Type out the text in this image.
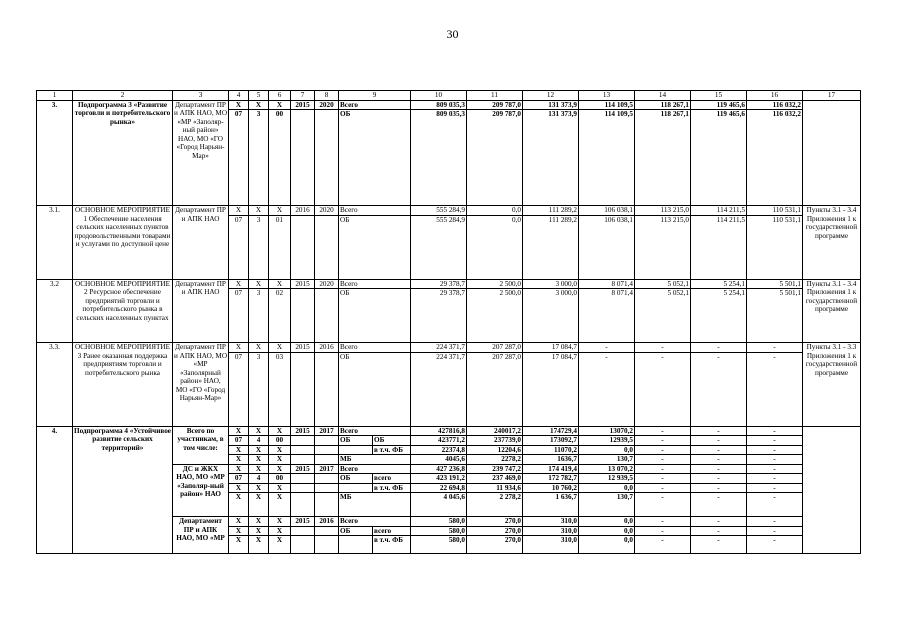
30
1	2	3	4	5	6	7	8	9		10	11	12	13	14	15	16	17
3.	Подпрограмма 3 «Развитие торговли и потребительского рынка»	Департамент ПР и АПК НАО, МО «МР «Заполяр-ный район» НАО, МО «ГО «Город Нарьян-Мар»	Х	Х	Х	2015	2020	Всего		809 035,3	209 787,0	131 373,9	114 109,5	118 267,1	119 465,6	116 032,2	
			07	3	00			ОБ		809 035,3	209 787,0	131 373,9	114 109,5	118 267,1	119 465,6	116 032,2	
3.1.	ОСНОВНОЕ МЕРОПРИЯТИЕ 1 Обеспечение населения сельских населенных пунктов продовольственными товарами и услугами по доступной цене	Департамент ПР и АПК НАО	Х	Х	Х	2016	2020	Всего		555 284,9	0,0	111 289,2	106 038,1	113 215,0	114 211,5	110 531,1	Пункты 3.1 - 3.4 Приложения 1 к государственной программе
			07	3	01			ОБ		555 284,9	0,0	111 289,2	106 038,1	113 215,0	114 211,5	110 531,1	
3.2	ОСНОВНОЕ МЕРОПРИЯТИЕ 2 Ресурсное обеспечение предприятий торговли и потребительского рынка в сельских населенных пунктах	Департамент ПР и АПК НАО	Х	Х	Х	2015	2020	Всего		29 378,7	2 500,0	3 000,0	8 071,4	5 052,1	5 254,1	5 501,1	Пункты 3.1 - 3.4 Приложения 1 к государственной программе
			07	3	02			ОБ		29 378,7	2 500,0	3 000,0	8 071,4	5 052,1	5 254,1	5 501,1	
3.3.	ОСНОВНОЕ МЕРОПРИЯТИЕ 3 Ранее оказанная поддержка предприятиям торговли и потребительского рынка	Департамент ПР и АПК НАО, МО «МР «Заполярный район» НАО, МО «ГО «Город Нарьян-Мар»	Х	Х	Х	2015	2016	Всего		224 371,7	207 287,0	17 084,7	-	-	-	-	Пункты 3.1 - 3.3 Приложения 1 к государственной программе
			07	3	03			ОБ		224 371,7	207 287,0	17 084,7	-	-	-	-	
4.	Подпрограмма 4 «Устойчивое развитие сельских территорий»	Всего по участникам, в том числе:	Х	Х	Х	2015	2017	Всего		427816,8	240017,2	174729,4	13070,2	-	-	-	
			07	4	00			ОБ	ОБ	423771,2	237739,0	173092,7	12939,5	-	-	-	
			Х	Х	Х				в т.ч. ФБ	22374,8	12204,6	11070,2	0,0	-	-	-	
			Х	Х	Х			МБ		4045,6	2278,2	1636,7	130,7	-	-	-	
		ДС и ЖКХ НАО, МО «МР «Заполяр-ный район» НАО	Х	Х	Х	2015	2017	Всего		427 236,8	239 747,2	174 419,4	13 070,2	-	-	-	
			07	4	00			ОБ	всего	423 191,2	237 469,0	172 782,7	12 939,5	-	-	-	
			Х	Х	Х				в т.ч. ФБ	22 694,8	11 934,6	10 760,2	0,0	-	-	-	
			Х	Х	Х			МБ		4 045,6	2 278,2	1 636,7	130,7	-	-	-	
		Департамент ПР и АПК НАО, МО «МР	Х	Х	Х	2015	2016	Всего		580,0	270,0	310,0	0,0	-	-	-	
			Х	Х	Х			ОБ	всего	580,0	270,0	310,0	0,0	-	-	-	
			Х	Х	Х				в т.ч. ФБ	580,0	270,0	310,0	0,0	-	-	-	
